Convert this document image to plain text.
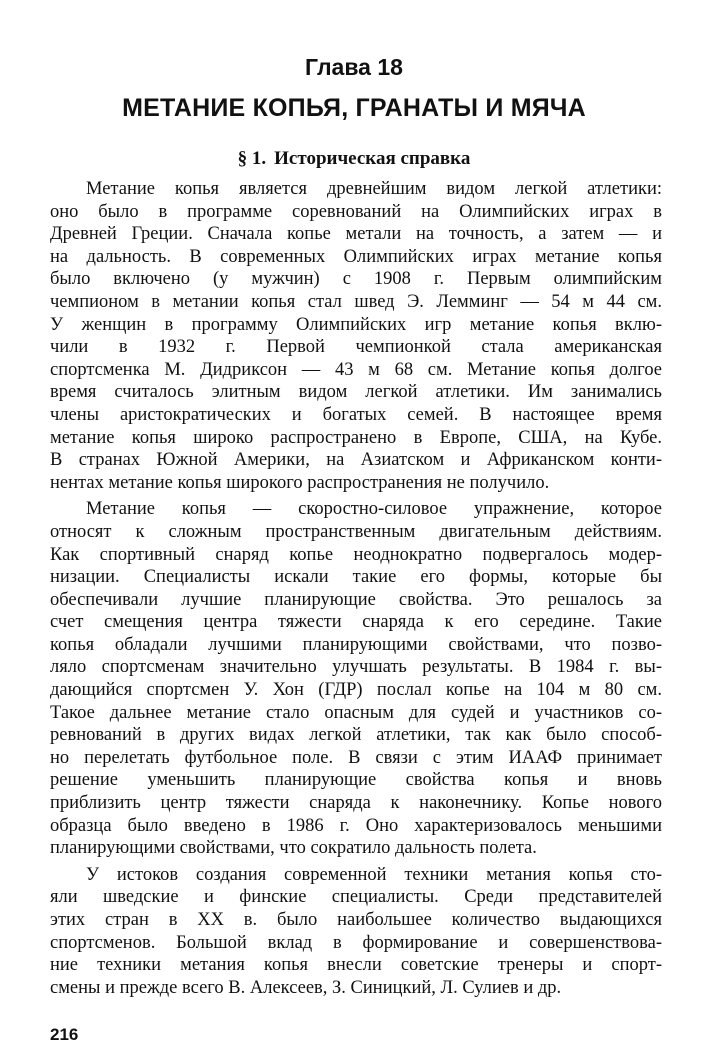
Глава 18
МЕТАНИЕ КОПЬЯ, ГРАНАТЫ И МЯЧА
§ 1. Историческая справка
Метание копья является древнейшим видом легкой атлетики:
оно было в программе соревнований на Олимпийских играх в
Древней Греции. Сначала копье метали на точность, а затем — и
на дальность. В современных Олимпийских играх метание копья
было включено (у мужчин) с 1908 г. Первым олимпийским
чемпионом в метании копья стал швед Э. Лемминг — 54 м 44 см.
У женщин в программу Олимпийских игр метание копья вклю-
чили в 1932 г. Первой чемпионкой стала американская
спортсменка М. Дидриксон — 43 м 68 см. Метание копья долгое
время считалось элитным видом легкой атлетики. Им занимались
члены аристократических и богатых семей. В настоящее время
метание копья широко распространено в Европе, США, на Кубе.
В странах Южной Америки, на Азиатском и Африканском конти-
нентах метание копья широкого распространения не получило.
Метание копья — скоростно-силовое упражнение, которое
относят к сложным пространственным двигательным действиям.
Как спортивный снаряд копье неоднократно подвергалось модер-
низации. Специалисты искали такие его формы, которые бы
обеспечивали лучшие планирующие свойства. Это решалось за
счет смещения центра тяжести снаряда к его середине. Такие
копья обладали лучшими планирующими свойствами, что позво-
ляло спортсменам значительно улучшать результаты. В 1984 г. вы-
дающийся спортсмен У. Хон (ГДР) послал копье на 104 м 80 см.
Такое дальнее метание стало опасным для судей и участников со-
ревнований в других видах легкой атлетики, так как было способ-
но перелетать футбольное поле. В связи с этим ИААФ принимает
решение уменьшить планирующие свойства копья и вновь
приблизить центр тяжести снаряда к наконечнику. Копье нового
образца было введено в 1986 г. Оно характеризовалось меньшими
планирующими свойствами, что сократило дальность полета.
У истоков создания современной техники метания копья сто-
яли шведские и финские специалисты. Среди представителей
этих стран в XX в. было наибольшее количество выдающихся
спортсменов. Большой вклад в формирование и совершенствова-
ние техники метания копья внесли советские тренеры и спорт-
смены и прежде всего В. Алексеев, З. Синицкий, Л. Сулиев и др.
216
